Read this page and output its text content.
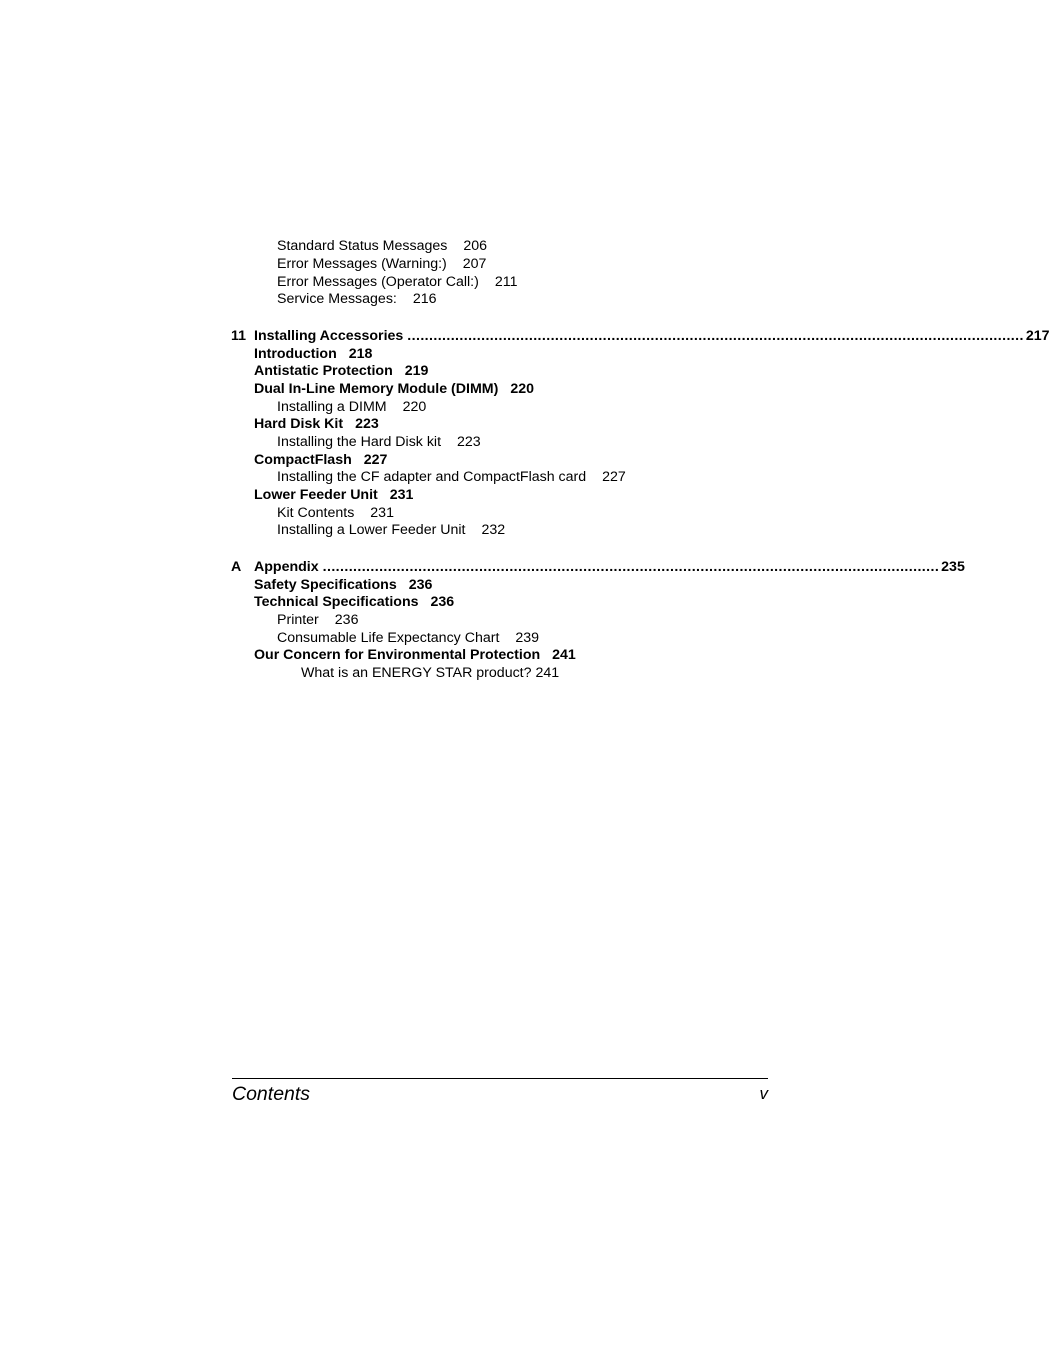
Standard Status Messages 206
Error Messages (Warning:) 207
Error Messages (Operator Call:) 211
Service Messages: 216
11 Installing Accessories .............................................................................................................................................. 217
Introduction 218
Antistatic Protection 219
Dual In-Line Memory Module (DIMM) 220
Installing a DIMM 220
Hard Disk Kit 223
Installing the Hard Disk kit 223
CompactFlash 227
Installing the CF adapter and CompactFlash card 227
Lower Feeder Unit 231
Kit Contents 231
Installing a Lower Feeder Unit 232
A Appendix .............................................................................................................................................. 235
Safety Specifications 236
Technical Specifications 236
Printer 236
Consumable Life Expectancy Chart 239
Our Concern for Environmental Protection 241
What is an ENERGY STAR product? 241
Contents	v
